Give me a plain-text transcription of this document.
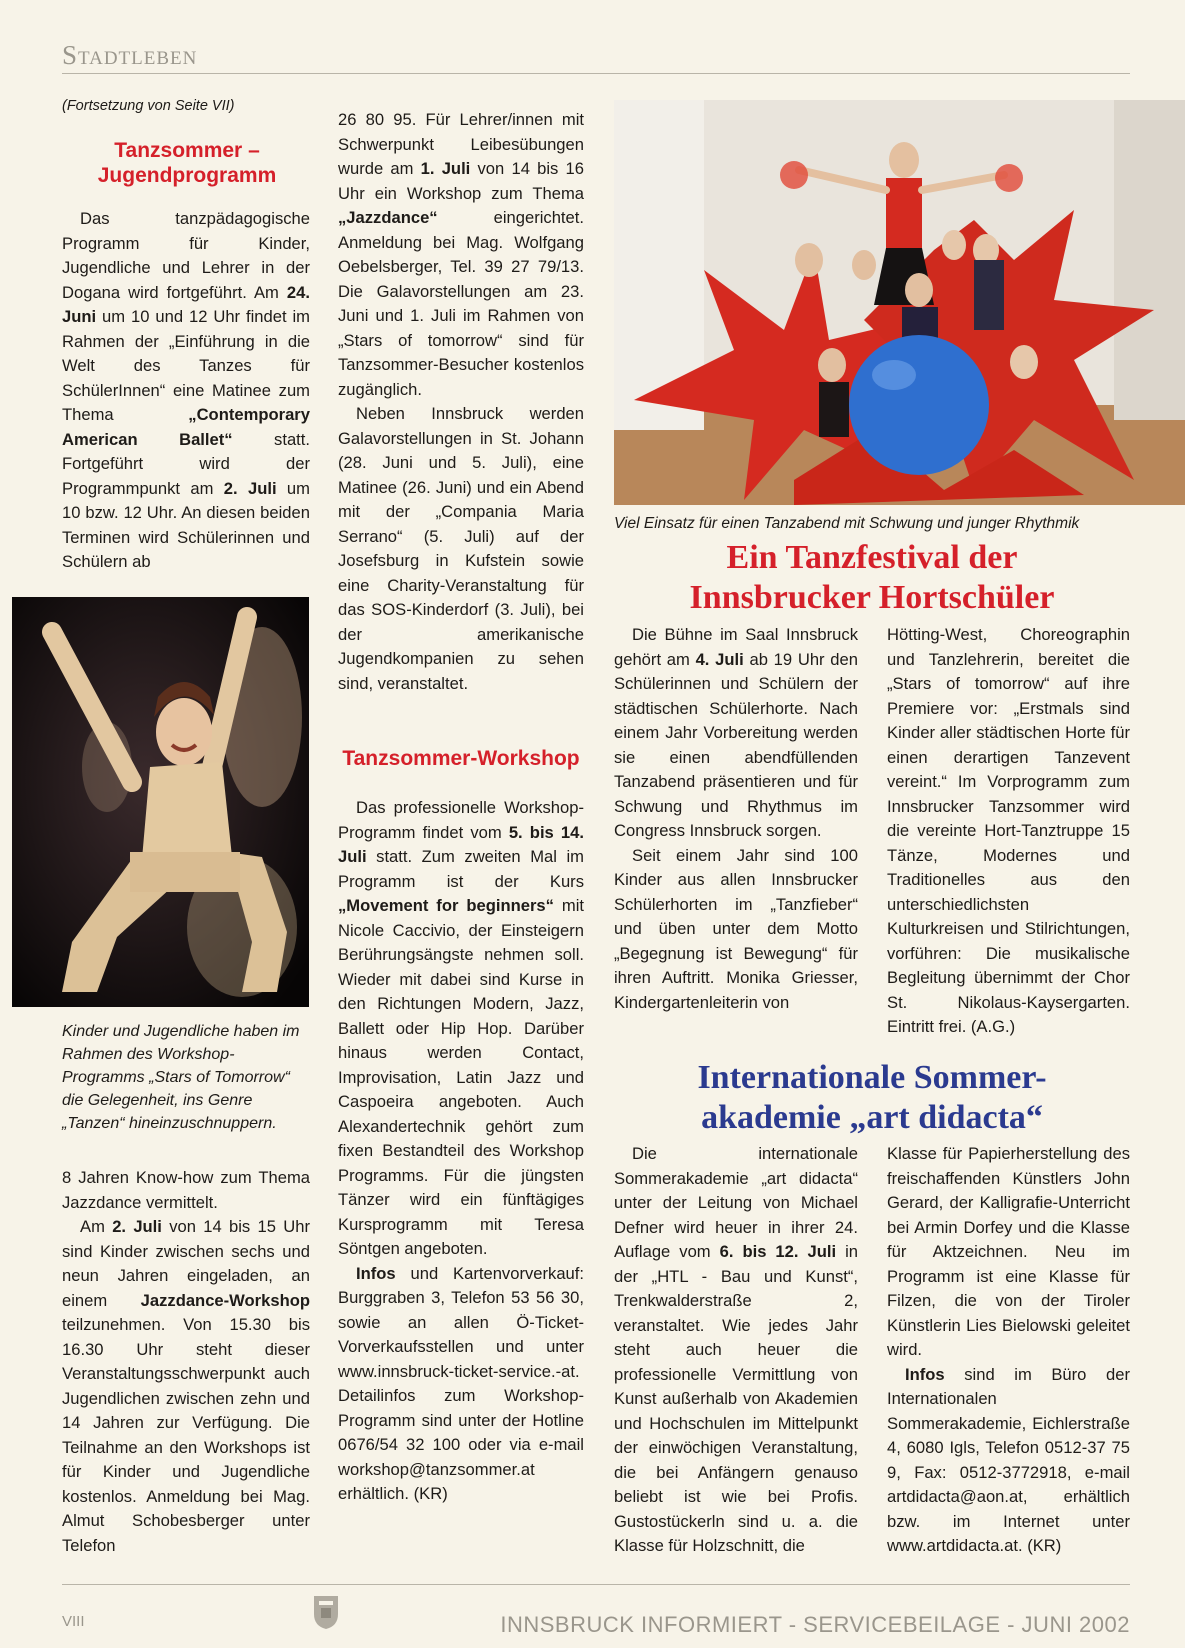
Stadtleben
(Fortsetzung von Seite VII)
Tanzsommer – Jugendprogramm

Das tanzpädagogische Programm für Kinder, Jugendliche und Lehrer in der Dogana wird fortgeführt. Am 24. Juni um 10 und 12 Uhr findet im Rahmen der „Einführung in die Welt des Tanzes für SchülerInnen“ eine Matinee zum Thema „Contemporary American Ballet“ statt. Fortgeführt wird der Programmpunkt am 2. Juli um 10 bzw. 12 Uhr. An diesen beiden Terminen wird Schülerinnen und Schülern ab

Kinder und Jugendliche haben im Rahmen des Workshop-Programms „Stars of Tomorrow“ die Gelegenheit, ins Genre „Tanzen“ hineinzuschnuppern.

8 Jahren Know-how zum Thema Jazzdance vermittelt.

Am 2. Juli von 14 bis 15 Uhr sind Kinder zwischen sechs und neun Jahren eingeladen, an einem Jazzdance-Workshop teilzunehmen. Von 15.30 bis 16.30 Uhr steht dieser Veranstaltungsschwerpunkt auch Jugendlichen zwischen zehn und 14 Jahren zur Verfügung. Die Teilnahme an den Workshops ist für Kinder und Jugendliche kostenlos. Anmeldung bei Mag. Almut Schobesberger unter Telefon

26 80 95. Für Lehrer/innen mit Schwerpunkt Leibesübungen wurde am 1. Juli von 14 bis 16 Uhr ein Workshop zum Thema „Jazzdance“ eingerichtet. Anmeldung bei Mag. Wolfgang Oebelsberger, Tel. 39 27 79/13. Die Galavorstellungen am 23. Juni und 1. Juli im Rahmen von „Stars of tomorrow“ sind für Tanzsommer-Besucher kostenlos zugänglich.

Neben Innsbruck werden Galavorstellungen in St. Johann (28. Juni und 5. Juli), eine Matinee (26. Juni) und ein Abend mit der „Compania Maria Serrano“ (5. Juli) auf der Josefsburg in Kufstein sowie eine Charity-Veranstaltung für das SOS-Kinderdorf (3. Juli), bei der amerikanische Jugendkompanien zu sehen sind, veranstaltet.

Tanzsommer-Workshop

Das professionelle Workshop-Programm findet vom 5. bis 14. Juli statt. Zum zweiten Mal im Programm ist der Kurs „Movement for beginners“ mit Nicole Caccivio, der Einsteigern Berührungsängste nehmen soll. Wieder mit dabei sind Kurse in den Richtungen Modern, Jazz, Ballett oder Hip Hop. Darüber hinaus werden Contact, Improvisation, Latin Jazz und Caspoeira angeboten. Auch Alexandertechnik gehört zum fixen Bestandteil des Workshop Programms. Für die jüngsten Tänzer wird ein fünftägiges Kursprogramm mit Teresa Söntgen angeboten.

Infos und Kartenvorverkauf: Burggraben 3, Telefon 53 56 30, sowie an allen Ö-Ticket-Vorverkaufsstellen und unter www.innsbruck-ticket-service.-at. Detailinfos zum Workshop-Programm sind unter der Hotline 0676/54 32 100 oder via e-mail workshop@tanzsommer.at erhältlich. (KR)

Viel Einsatz für einen Tanzabend mit Schwung und junger Rhythmik
Ein Tanzfestival der
Innsbrucker Hortschüler

Die Bühne im Saal Innsbruck gehört am 4. Juli ab 19 Uhr den Schülerinnen und Schülern der städtischen Schülerhorte. Nach einem Jahr Vorbereitung werden sie einen abendfüllenden Tanzabend präsentieren und für Schwung und Rhythmus im Congress Innsbruck sorgen.

Seit einem Jahr sind 100 Kinder aus allen Innsbrucker Schülerhorten im „Tanzfieber“ und üben unter dem Motto „Begegnung ist Bewegung“ für ihren Auftritt. Monika Griesser, Kindergartenleiterin von

Hötting-West, Choreographin und Tanzlehrerin, bereitet die „Stars of tomorrow“ auf ihre Premiere vor: „Erstmals sind Kinder aller städtischen Horte für einen derartigen Tanzevent vereint.“ Im Vorprogramm zum Innsbrucker Tanzsommer wird die vereinte Hort-Tanztruppe 15 Tänze, Modernes und Traditionelles aus den unterschiedlichsten Kulturkreisen und Stilrichtungen, vorführen: Die musikalische Begleitung übernimmt der Chor St. Nikolaus-Kaysergarten. Eintritt frei. (A.G.)

Internationale Sommer-
akademie „art didacta“

Die internationale Sommerakademie „art didacta“ unter der Leitung von Michael Defner wird heuer in ihrer 24. Auflage vom 6. bis 12. Juli in der „HTL - Bau und Kunst“, Trenkwalderstraße 2, veranstaltet. Wie jedes Jahr steht auch heuer die professionelle Vermittlung von Kunst außerhalb von Akademien und Hochschulen im Mittelpunkt der einwöchigen Veranstaltung, die bei Anfängern genauso beliebt ist wie bei Profis. Gustostückerln sind u. a. die Klasse für Holzschnitt, die

Klasse für Papierherstellung des freischaffenden Künstlers John Gerard, der Kalligrafie-Unterricht bei Armin Dorfey und die Klasse für Aktzeichnen. Neu im Programm ist eine Klasse für Filzen, die von der Tiroler Künstlerin Lies Bielowski geleitet wird.

Infos sind im Büro der Internationalen Sommerakademie, Eichlerstraße 4, 6080 Igls, Telefon 0512-37 75 9, Fax: 0512-3772918, e-mail artdidacta@aon.at, erhältlich bzw. im Internet unter www.artdidacta.at. (KR)

VIII	INNSBRUCK INFORMIERT - SERVICEBEILAGE - JUNI 2002
